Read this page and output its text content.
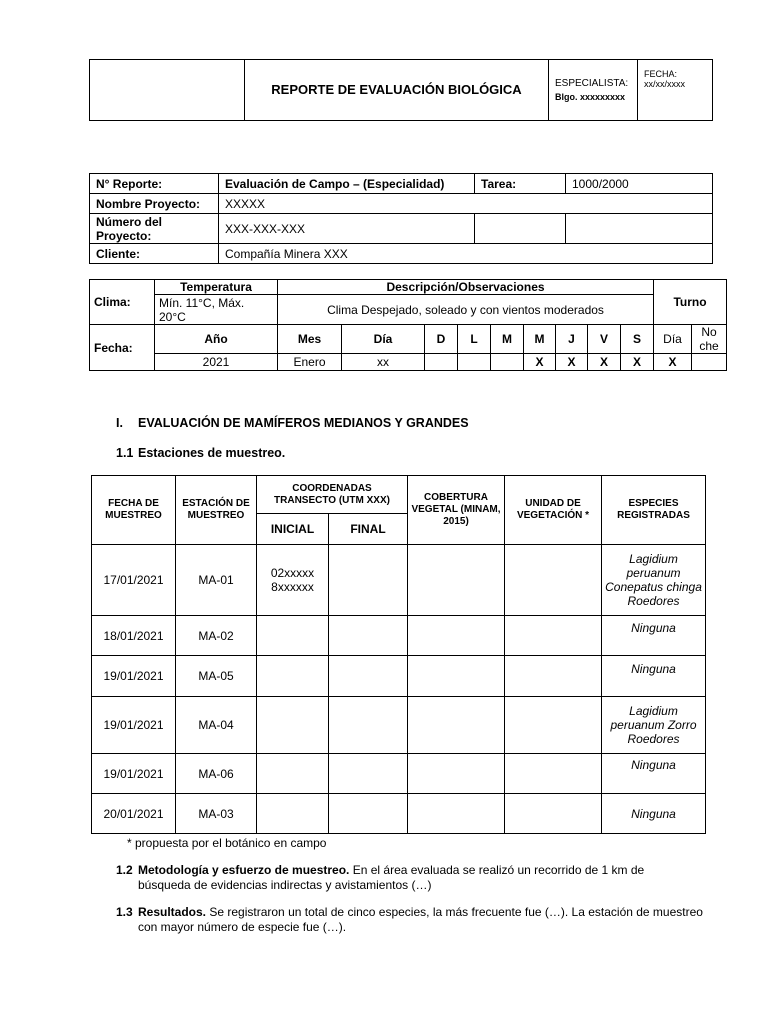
	REPORTE DE EVALUACIÓN BIOLÓGICA	ESPECIALISTA:
Blgo. xxxxxxxxx

FECHA:
xx/xx/xxxx
N° Reporte:	Evaluación de Campo – (Especialidad)	Tarea:	1000/2000
Nombre Proyecto:	XXXXX		
Número del Proyecto:	XXX-XXX-XXX		
Cliente:	Compañía Minera XXX		
Clima:	Temperatura	Descripción/Observaciones									Turno	
	Mín. 11°C, Máx. 20°C	Clima Despejado, soleado y con vientos moderados										
Fecha:	Año	Mes	Día	D	L	M	M	J	V	S	Día	No che
	2021	Enero	xx				X	X	X	X	X	
I. EVALUACIÓN DE MAMÍFEROS MEDIANOS Y GRANDES
1.1 Estaciones de muestreo.
FECHA DE MUESTREO	ESTACIÓN DE MUESTREO	COORDENADAS TRANSECTO (UTM XXX)		COBERTURA VEGETAL (MINAM, 2015)	UNIDAD DE VEGETACIÓN *	ESPECIES REGISTRADAS
		INICIAL	FINAL			
17/01/2021	MA-01	02xxxxx 8xxxxxx				Lagidium peruanum Conepatus chinga Roedores
18/01/2021	MA-02					Ninguna
19/01/2021	MA-05					Ninguna
19/01/2021	MA-04					Lagidium peruanum Zorro Roedores
19/01/2021	MA-06					Ninguna
20/01/2021	MA-03					Ninguna
* propuesta por el botánico en campo
1.2 Metodología y esfuerzo de muestreo. En el área evaluada se realizó un recorrido de 1 km de búsqueda de evidencias indirectas y avistamientos (…)
1.3 Resultados. Se registraron un total de cinco especies, la más frecuente fue (…). La estación de muestreo con mayor número de especie fue (…).
